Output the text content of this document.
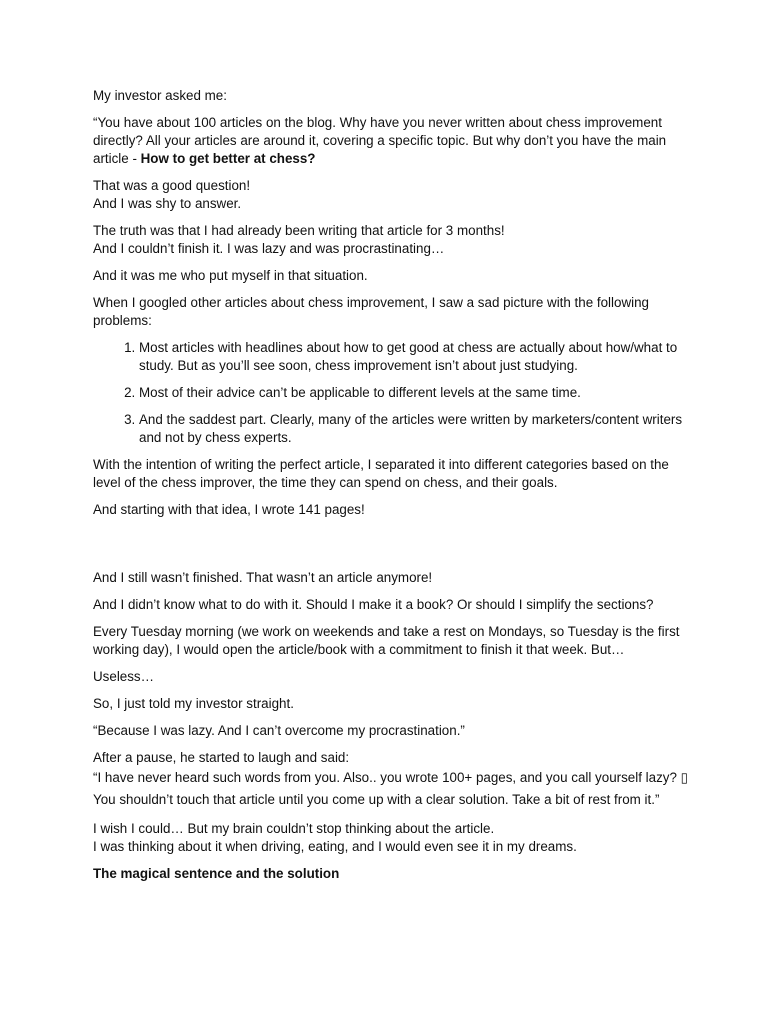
My investor asked me:

“You have about 100 articles on the blog. Why have you never written about chess improvement directly? All your articles are around it, covering a specific topic. But why don’t you have the main article - How to get better at chess?

That was a good question!
And I was shy to answer.

The truth was that I had already been writing that article for 3 months!
And I couldn’t finish it. I was lazy and was procrastinating…

And it was me who put myself in that situation.

When I googled other articles about chess improvement, I saw a sad picture with the following problems:

1. Most articles with headlines about how to get good at chess are actually about how/what to study. But as you’ll see soon, chess improvement isn’t about just studying.
2. Most of their advice can’t be applicable to different levels at the same time.
3. And the saddest part. Clearly, many of the articles were written by marketers/content writers and not by chess experts.

With the intention of writing the perfect article, I separated it into different categories based on the level of the chess improver, the time they can spend on chess, and their goals.

And starting with that idea, I wrote 141 pages!

And I still wasn’t finished. That wasn’t an article anymore!

And I didn’t know what to do with it. Should I make it a book? Or should I simplify the sections?

Every Tuesday morning (we work on weekends and take a rest on Mondays, so Tuesday is the first working day), I would open the article/book with a commitment to finish it that week. But…

Useless…

So, I just told my investor straight.

“Because I was lazy. And I can’t overcome my procrastination.”

After a pause, he started to laugh and said:
“I have never heard such words from you. Also.. you wrote 100+ pages, and you call yourself lazy? ▯ You shouldn’t touch that article until you come up with a clear solution. Take a bit of rest from it.”

I wish I could… But my brain couldn’t stop thinking about the article.
I was thinking about it when driving, eating, and I would even see it in my dreams.

The magical sentence and the solution
